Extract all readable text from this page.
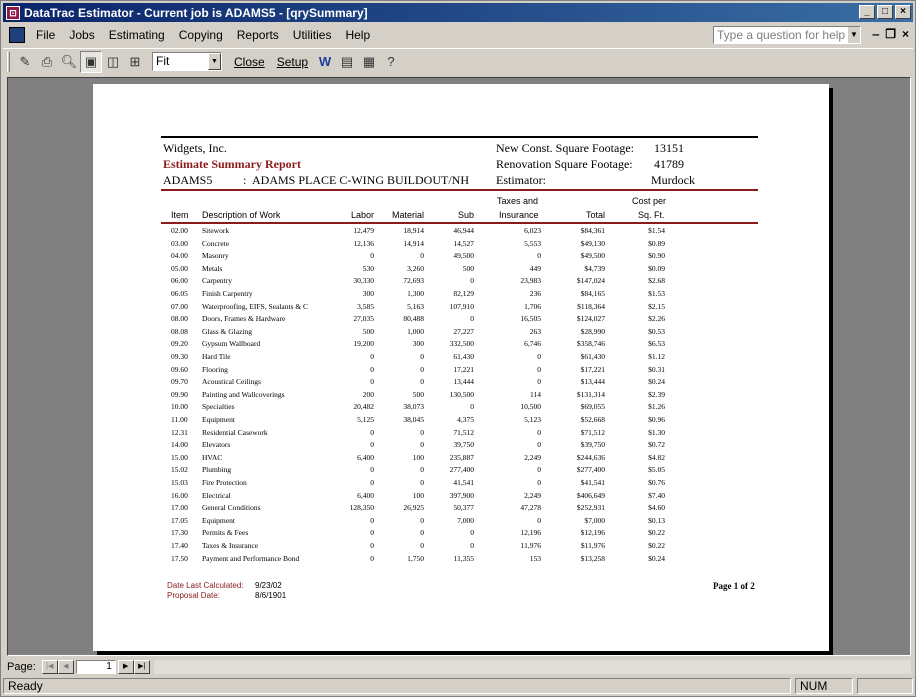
⊡ DataTrac Estimator - Current job is ADAMS5 - [qrySummary]	_	□	×
File	Jobs	Estimating	Copying	Reports	Utilities	Help	Type a question for help ▼ ‒ ❐ ×
✎ ⎙ 🔍︎ ▣ ◫ ⊞	Fit	▼	Close	Setup W ▤ ▦ ?
Widgets, Inc.
Estimate Summary Report
ADAMS5	: ADAMS PLACE C-WING BUILDOUT/NH
New Const. Square Footage: 13151
Renovation Square Footage: 41789
Estimator:	Murdock
Taxes and	Cost per
Item Description of Work	Labor	Material	Sub	Insurance	Total	Sq. Ft.
02.00	Sitework	12,479	18,914	46,944	6,023	$84,361	$1.54
03.00	Concrete	12,136	14,914	14,527	5,553	$49,130	$0.89
04.00	Masonry	0	0	49,500	0	$49,500	$0.90
05.00	Metals	530	3,260	500	449	$4,739	$0.09
06.00	Carpentry	30,330	72,693	0	23,983	$147,024	$2.68
06.05	Finish Carpentry	300	1,300	82,129	236	$84,165	$1.53
07.00	Waterproofing, EIFS, Sealants & C	3,585	5,163	107,910	1,706	$118,364	$2.15
08.00	Doors, Frames & Hardware	27,035	80,488	0	16,505	$124,027	$2.26
08.08	Glass & Glazing	500	1,000	27,227	263	$28,990	$0.53
09.20	Gypsum Wallboard	19,200	300	332,500	6,746	$358,746	$6.53
09.30	Hard Tile	0	0	61,430	0	$61,430	$1.12
09.60	Flooring	0	0	17,221	0	$17,221	$0.31
09.70	Acoustical Ceilings	0	0	13,444	0	$13,444	$0.24
09.90	Painting and Wallcoverings	200	500	130,500	114	$131,314	$2.39
10.00	Specialties	20,482	38,073	0	10,500	$69,055	$1.26
11.00	Equipment	5,125	38,045	4,375	5,123	$52,668	$0.96
12.31	Residential Casework	0	0	71,512	0	$71,512	$1.30
14.00	Elevators	0	0	39,750	0	$39,750	$0.72
15.00	HVAC	6,400	100	235,887	2,249	$244,636	$4.82
15.02	Plumbing	0	0	277,400	0	$277,400	$5.05
15.03	Fire Protection	0	0	41,541	0	$41,541	$0.76
16.00	Electrical	6,400	100	397,900	2,249	$406,649	$7.40
17.00	General Conditions	128,350	26,925	50,377	47,278	$252,931	$4.60
17.05	Equipment	0	0	7,000	0	$7,000	$0.13
17.30	Permits & Fees	0	0	0	12,196	$12,196	$0.22
17.40	Taxes & Insurance	0	0	0	11,976	$11,976	$0.22
17.50	Payment and Performance Bond	0	1,750	11,355	153	$13,258	$0.24
Date Last Calculated: 9/23/02
Proposal Date:	8/6/1901
Page 1 of 2
Page:	|◀	◀	1	▶	▶|
Ready	NUM
